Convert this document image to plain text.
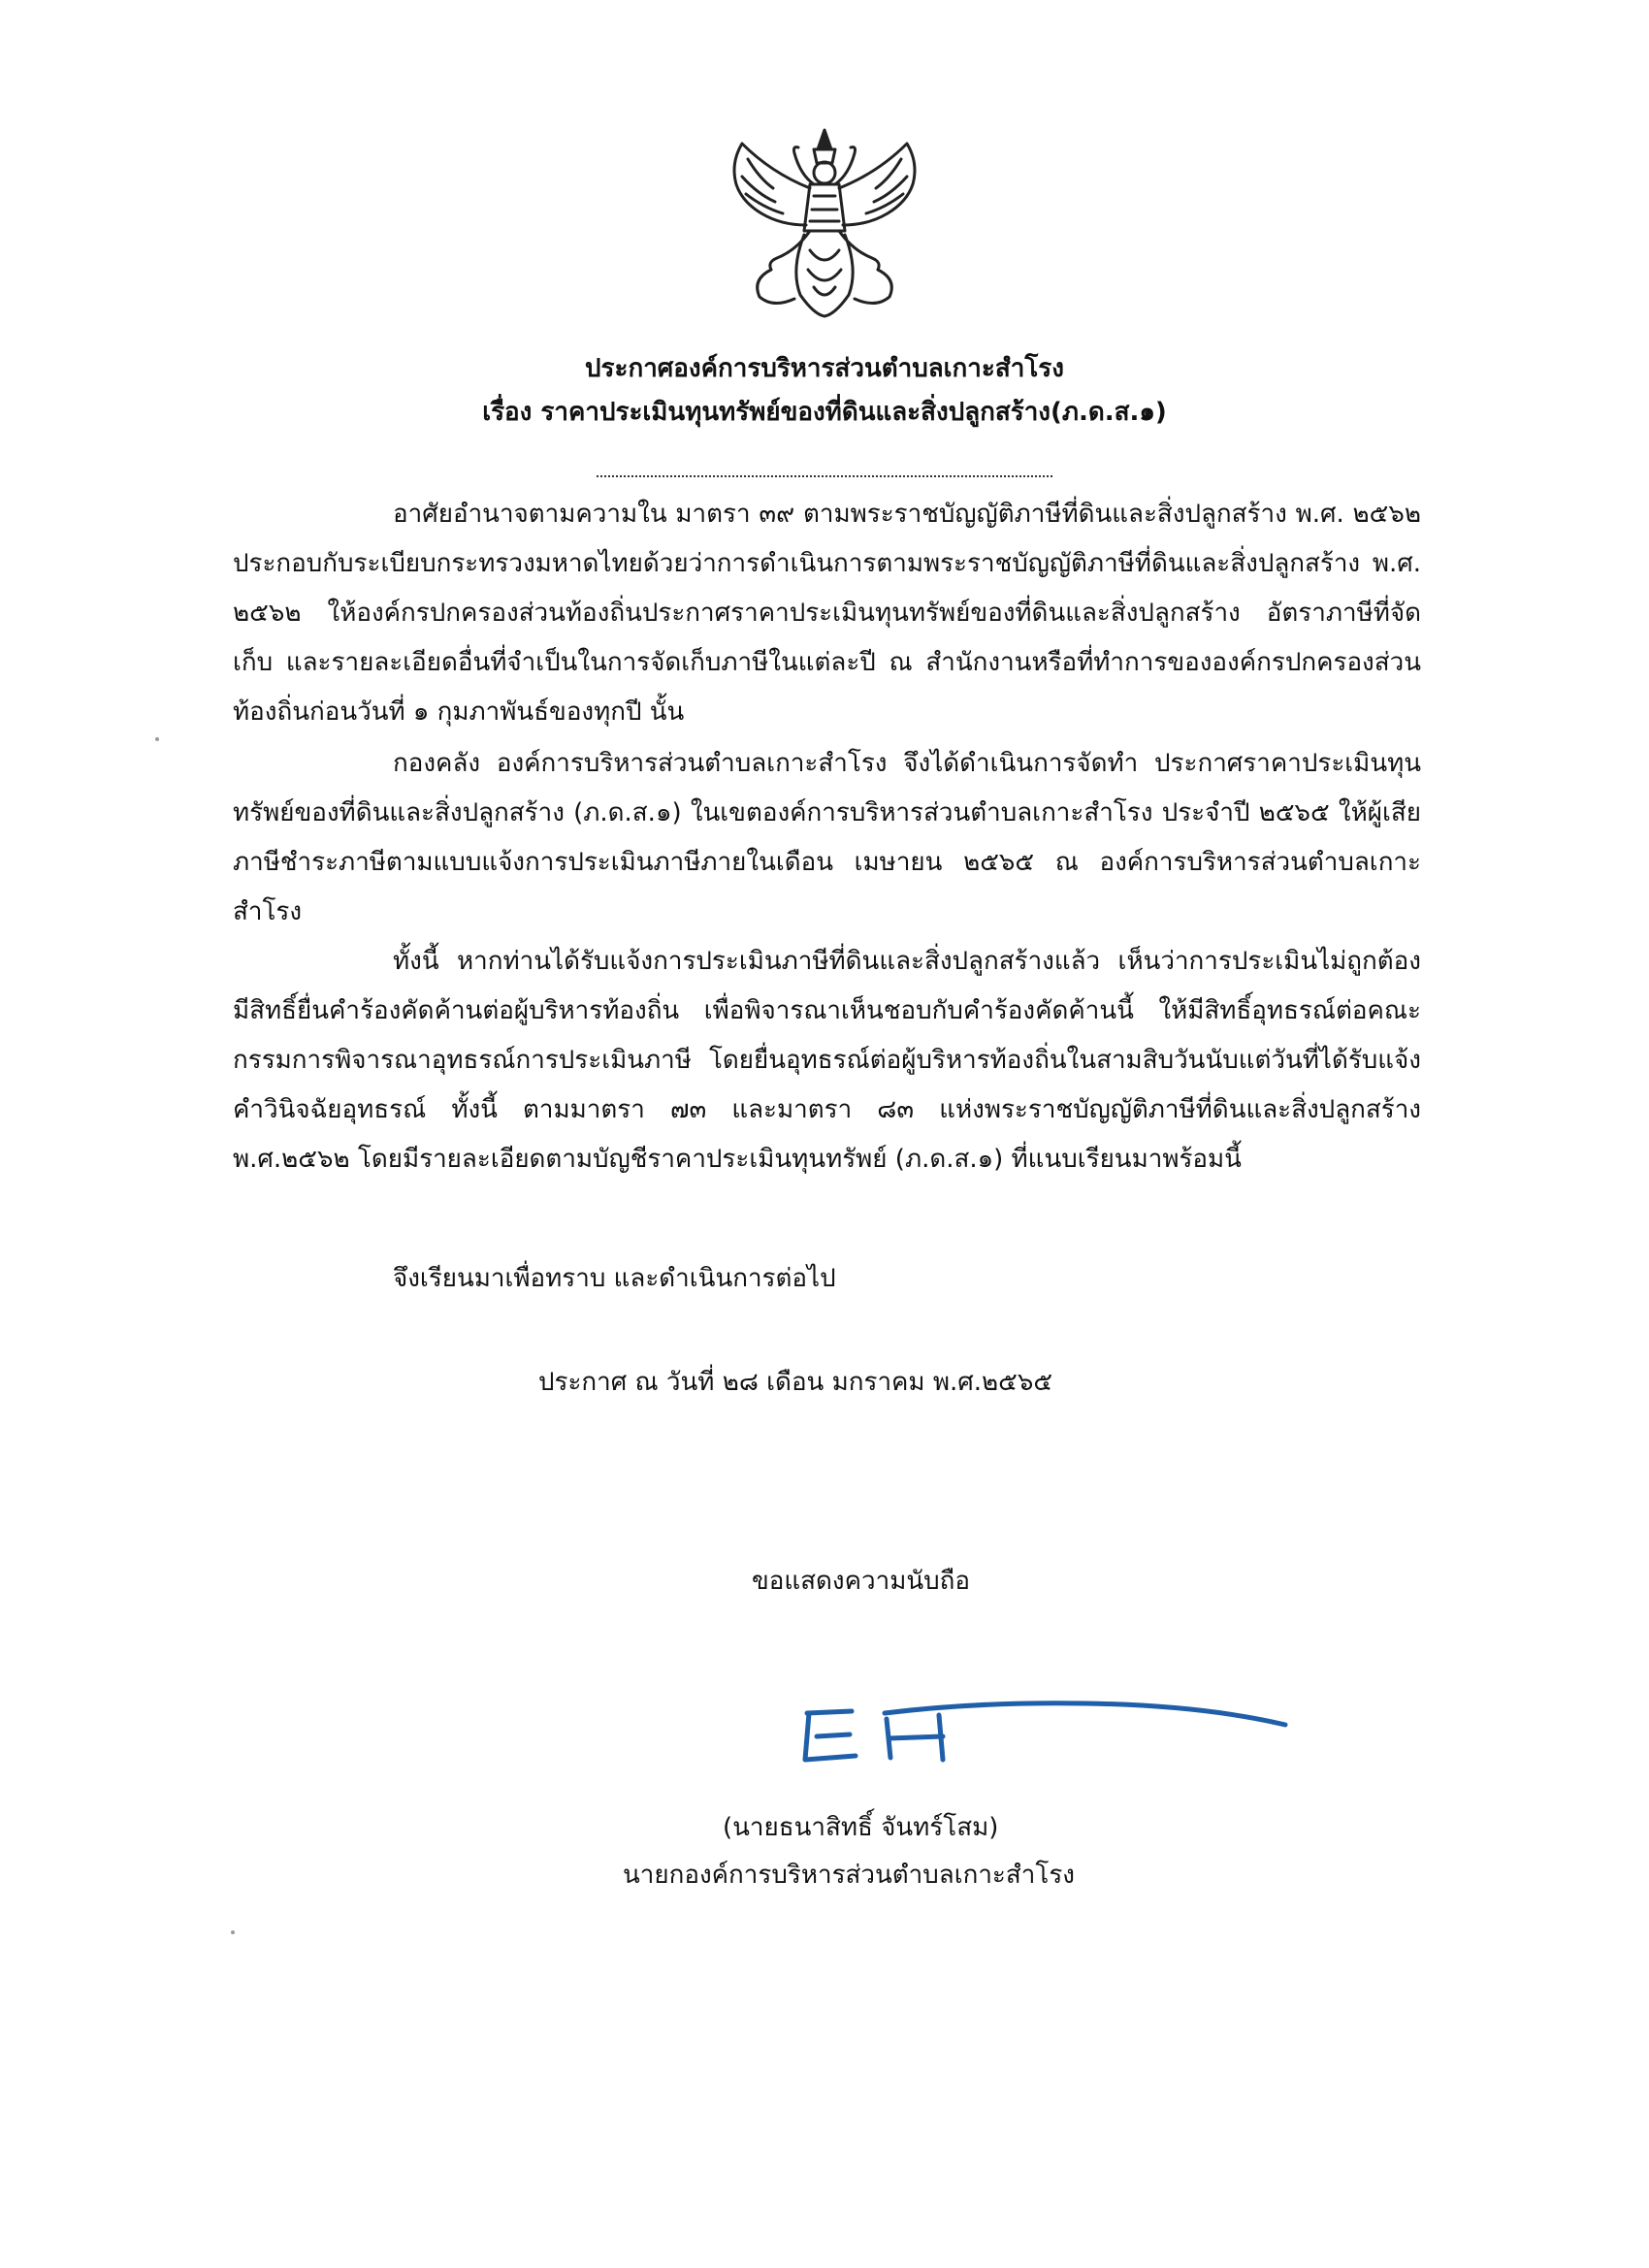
ประกาศองค์การบริหารส่วนตำบลเกาะสำโรง
เรื่อง ราคาประเมินทุนทรัพย์ของที่ดินและสิ่งปลูกสร้าง(ภ.ด.ส.๑)

อาศัยอำนาจตามความใน มาตรา ๓๙ ตามพระราชบัญญัติภาษีที่ดินและสิ่งปลูกสร้าง พ.ศ. ๒๕๖๒ ประกอบกับระเบียบกระทรวงมหาดไทยด้วยว่าการดำเนินการตามพระราชบัญญัติภาษีที่ดินและสิ่งปลูกสร้าง พ.ศ. ๒๕๖๒ ให้องค์กรปกครองส่วนท้องถิ่นประกาศราคาประเมินทุนทรัพย์ของที่ดินและสิ่งปลูกสร้าง อัตราภาษีที่จัดเก็บ และรายละเอียดอื่นที่จำเป็นในการจัดเก็บภาษีในแต่ละปี ณ สำนักงานหรือที่ทำการขององค์กรปกครองส่วนท้องถิ่นก่อนวันที่ ๑ กุมภาพันธ์ของทุกปี นั้น

กองคลัง องค์การบริหารส่วนตำบลเกาะสำโรง จึงได้ดำเนินการจัดทำ ประกาศราคาประเมินทุนทรัพย์ของที่ดินและสิ่งปลูกสร้าง (ภ.ด.ส.๑) ในเขตองค์การบริหารส่วนตำบลเกาะสำโรง ประจำปี ๒๕๖๕ ให้ผู้เสียภาษีชำระภาษีตามแบบแจ้งการประเมินภาษีภายในเดือน เมษายน ๒๕๖๕ ณ องค์การบริหารส่วนตำบลเกาะสำโรง

ทั้งนี้ หากท่านได้รับแจ้งการประเมินภาษีที่ดินและสิ่งปลูกสร้างแล้ว เห็นว่าการประเมินไม่ถูกต้อง มีสิทธิ์ยื่นคำร้องคัดค้านต่อผู้บริหารท้องถิ่น เพื่อพิจารณาเห็นชอบกับคำร้องคัดค้านนี้ ให้มีสิทธิ์อุทธรณ์ต่อคณะกรรมการพิจารณาอุทธรณ์การประเมินภาษี โดยยื่นอุทธรณ์ต่อผู้บริหารท้องถิ่นในสามสิบวันนับแต่วันที่ได้รับแจ้งคำวินิจฉัยอุทธรณ์ ทั้งนี้ ตามมาตรา ๗๓ และมาตรา ๘๓ แห่งพระราชบัญญัติภาษีที่ดินและสิ่งปลูกสร้าง พ.ศ.๒๕๖๒ โดยมีรายละเอียดตามบัญชีราคาประเมินทุนทรัพย์ (ภ.ด.ส.๑) ที่แนบเรียนมาพร้อมนี้

จึงเรียนมาเพื่อทราบ และดำเนินการต่อไป
ประกาศ ณ วันที่ ๒๘ เดือน มกราคม พ.ศ.๒๕๖๕
ขอแสดงความนับถือ
(นายธนาสิทธิ์ จันทร์โสม)
นายกองค์การบริหารส่วนตำบลเกาะสำโรง
